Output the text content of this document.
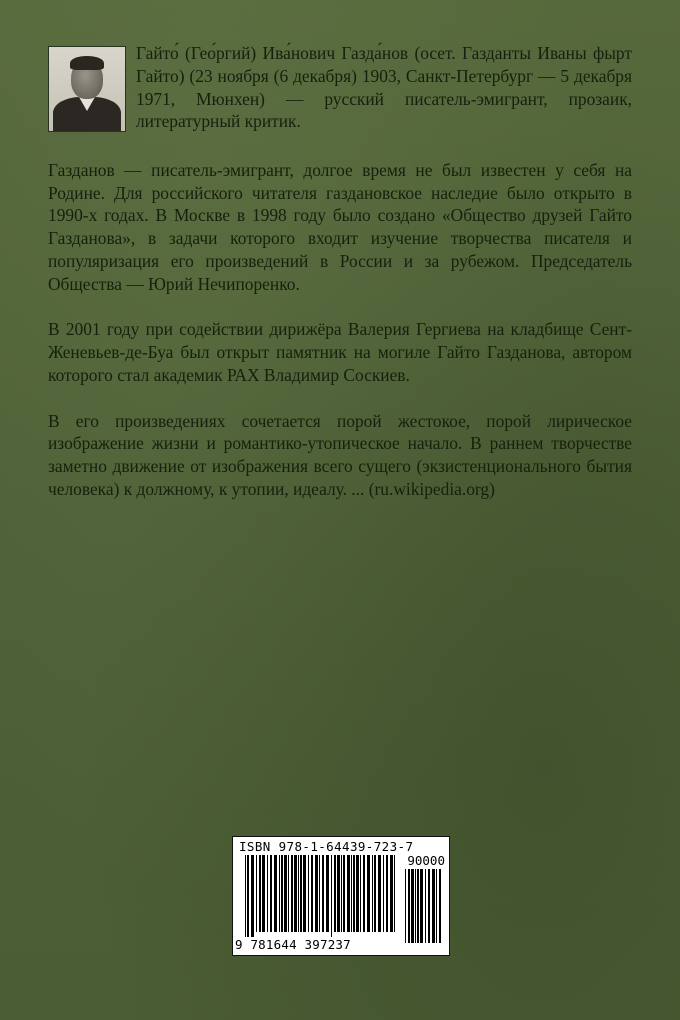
Гайто́ (Гео́ргий) Ива́нович Газда́нов (осет. Газданты Иваны фырт Гайто) (23 ноября (6 декабря) 1903, Санкт-Петербург — 5 декабря 1971, Мюнхен) — русский писатель-эмигрант, прозаик, литературный критик.

Газданов — писатель-эмигрант, долгое время не был известен у себя на Родине. Для российского читателя газдановское наследие было открыто в 1990-х годах. В Москве в 1998 году было создано «Общество друзей Гайто Газданова», в задачи которого входит изучение творчества писателя и популяризация его произведений в России и за рубежом. Председатель Общества — Юрий Нечипоренко.

В 2001 году при содействии дирижёра Валерия Гергиева на кладбище Сент-Женевьев-де-Буа был открыт памятник на могиле Гайто Газданова, автором которого стал академик РАХ Владимир Соскиев.

В его произведениях сочетается порой жестокое, порой лирическое изображение жизни и романтико-утопическое начало. В раннем творчестве заметно движение от изображения всего сущего (экзистенционального бытия человека) к должному, к утопии, идеалу. ... (ru.wikipedia.org)

ISBN 978-1-64439-723-7
90000
9 781644 397237
